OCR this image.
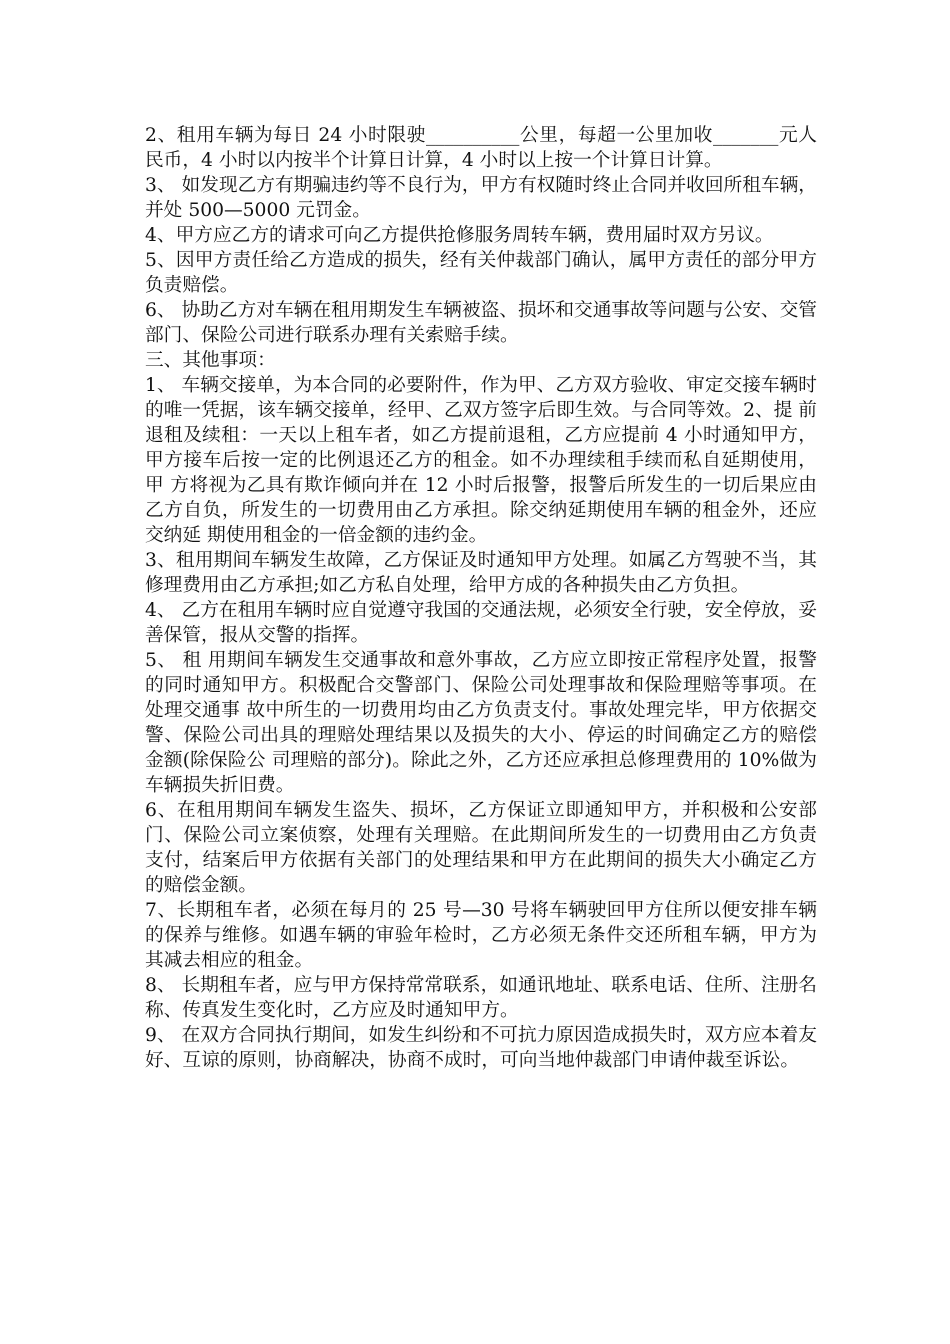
2、租用车辆为每日 24 小时限驶__________公里，每超一公里加收_______元人民币，4 小时以内按半个计算日计算，4 小时以上按一个计算日计算。

3、 如发现乙方有期骗违约等不良行为，甲方有权随时终止合同并收回所租车辆，并处 500—5000 元罚金。

4、甲方应乙方的请求可向乙方提供抢修服务周转车辆，费用届时双方另议。

5、因甲方责任给乙方造成的损失，经有关仲裁部门确认，属甲方责任的部分甲方负责赔偿。

6、 协助乙方对车辆在租用期发生车辆被盗、损坏和交通事故等问题与公安、交管部门、保险公司进行联系办理有关索赔手续。

三、其他事项：

1、 车辆交接单，为本合同的必要附件，作为甲、乙方双方验收、审定交接车辆时的唯一凭据，该车辆交接单，经甲、乙双方签字后即生效。与合同等效。2、提 前退租及续租：一天以上租车者，如乙方提前退租，乙方应提前 4 小时通知甲方，甲方接车后按一定的比例退还乙方的租金。如不办理续租手续而私自延期使用，甲 方将视为乙具有欺诈倾向并在 12 小时后报警，报警后所发生的一切后果应由乙方自负，所发生的一切费用由乙方承担。除交纳延期使用车辆的租金外，还应交纳延 期使用租金的一倍金额的违约金。

3、租用期间车辆发生故障，乙方保证及时通知甲方处理。如属乙方驾驶不当，其修理费用由乙方承担;如乙方私自处理，给甲方成的各种损失由乙方负担。

4、 乙方在租用车辆时应自觉遵守我国的交通法规，必须安全行驶，安全停放，妥善保管，报从交警的指挥。

5、 租 用期间车辆发生交通事故和意外事故，乙方应立即按正常程序处置，报警的同时通知甲方。积极配合交警部门、保险公司处理事故和保险理赔等事项。在处理交通事 故中所生的一切费用均由乙方负责支付。事故处理完毕，甲方依据交警、保险公司出具的理赔处理结果以及损失的大小、停运的时间确定乙方的赔偿金额(除保险公 司理赔的部分)。除此之外，乙方还应承担总修理费用的 10%做为车辆损失折旧费。

6、在租用期间车辆发生盗失、损坏，乙方保证立即通知甲方，并积极和公安部门、保险公司立案侦察，处理有关理赔。在此期间所发生的一切费用由乙方负责支付，结案后甲方依据有关部门的处理结果和甲方在此期间的损失大小确定乙方的赔偿金额。

7、长期租车者，必须在每月的 25 号—30 号将车辆驶回甲方住所以便安排车辆的保养与维修。如遇车辆的审验年检时，乙方必须无条件交还所租车辆，甲方为其减去相应的租金。

8、 长期租车者，应与甲方保持常常联系，如通讯地址、联系电话、住所、注册名称、传真发生变化时，乙方应及时通知甲方。

9、 在双方合同执行期间，如发生纠纷和不可抗力原因造成损失时，双方应本着友好、互谅的原则，协商解决，协商不成时，可向当地仲裁部门申请仲裁至诉讼。
